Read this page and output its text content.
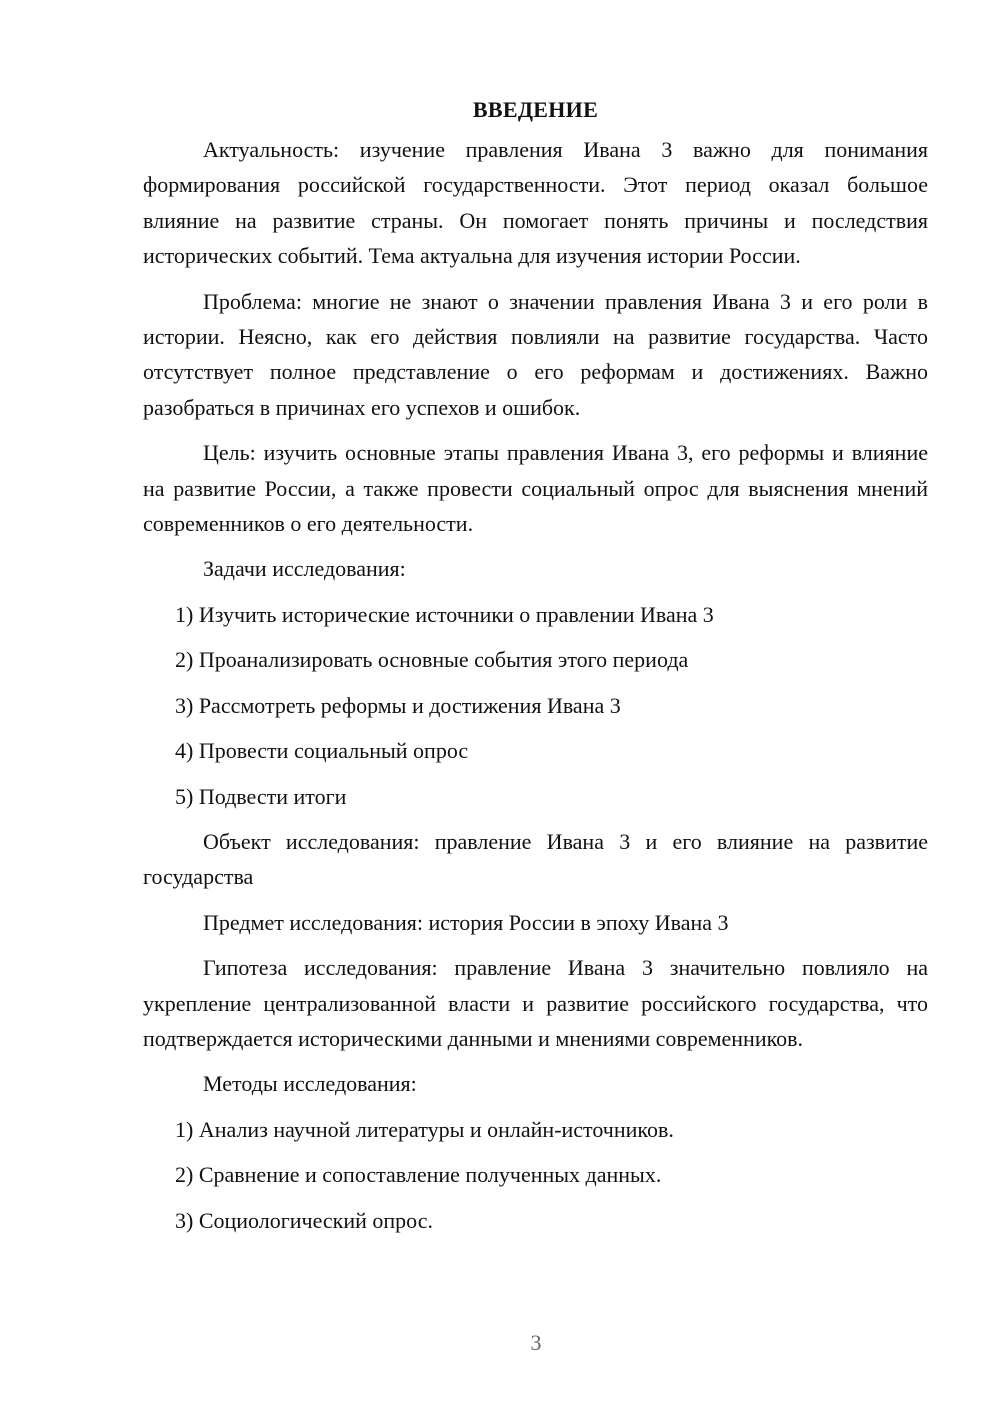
ВВЕДЕНИЕ

Актуальность: изучение правления Ивана 3 важно для понимания формирования российской государственности. Этот период оказал большое влияние на развитие страны. Он помогает понять причины и последствия исторических событий. Тема актуальна для изучения истории России.

Проблема: многие не знают о значении правления Ивана 3 и его роли в истории. Неясно, как его действия повлияли на развитие государства. Часто отсутствует полное представление о его реформам и достижениях. Важно разобраться в причинах его успехов и ошибок.

Цель: изучить основные этапы правления Ивана 3, его реформы и влияние на развитие России, а также провести социальный опрос для выяснения мнений современников о его деятельности.

Задачи исследования:

1) Изучить исторические источники о правлении Ивана 3
2) Проанализировать основные события этого периода
3) Рассмотреть реформы и достижения Ивана 3
4) Провести социальный опрос
5) Подвести итоги

Объект исследования: правление Ивана 3 и его влияние на развитие государства

Предмет исследования: история России в эпоху Ивана 3

Гипотеза исследования: правление Ивана 3 значительно повлияло на укрепление централизованной власти и развитие российского государства, что подтверждается историческими данными и мнениями современников.

Методы исследования:

1) Анализ научной литературы и онлайн-источников.
2) Сравнение и сопоставление полученных данных.
3) Социологический опрос.
3
